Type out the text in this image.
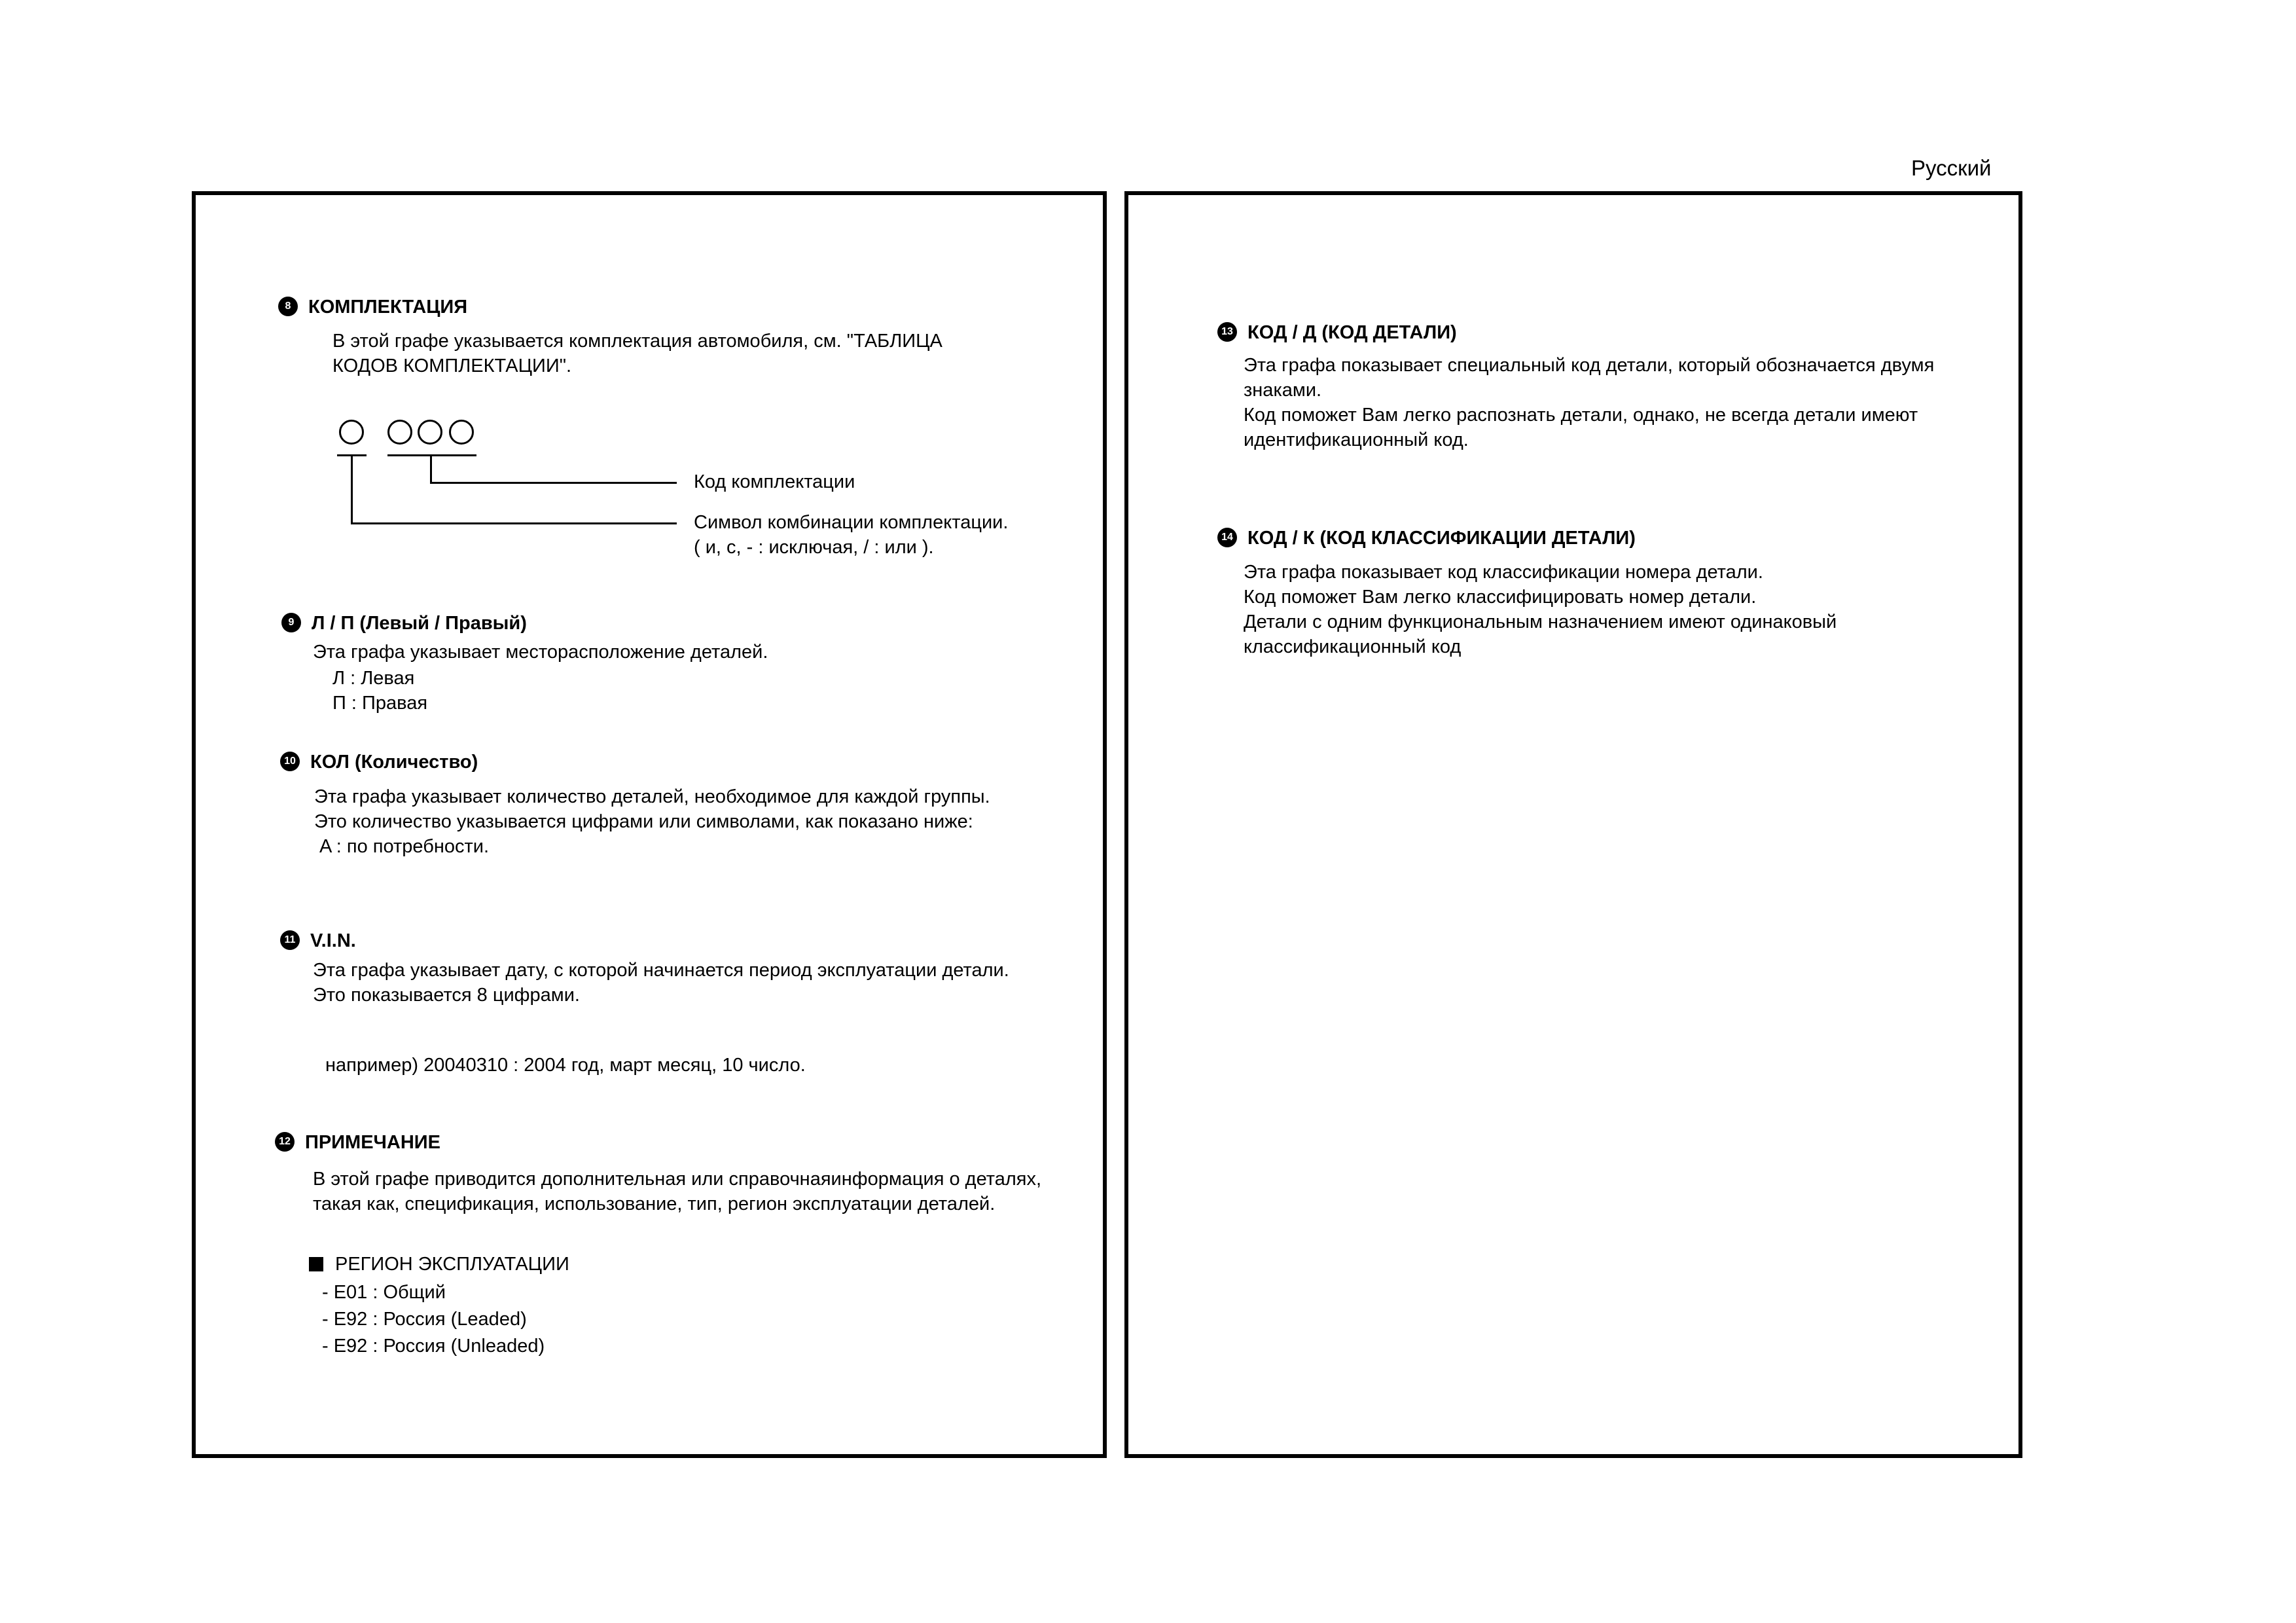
Русский
8 КОМПЛЕКТАЦИЯ
В этой графе указывается комплектация автомобиля, см. "ТАБЛИЦА
КОДОВ КОМПЛЕКТАЦИИ".
Код комплектации
Символ комбинации комплектации.
( и, с, - : исключая, / : или ).
9 Л / П (Левый / Правый)
Эта графа указывает месторасположение деталей.
Л : Левая
П : Правая
10 КОЛ (Количество)
Эта графа указывает количество деталей, необходимое для каждой группы.
Это количество указывается цифрами или символами, как показано ниже:
A : по потребности.
11 V.I.N.
Эта графа указывает дату, с которой начинается период эксплуатации детали.
Это показывается 8 цифрами.
например) 20040310 : 2004 год, март месяц, 10 число.
12 ПРИМЕЧАНИЕ
В этой графе приводится дополнительная или справочнаяинформация о деталях,
такая как, спецификация, использование, тип, регион эксплуатации деталей.
РЕГИОН ЭКСПЛУАТАЦИИ
- E01 : Общий
- E92 : Россия (Leaded)
- E92 : Россия (Unleaded)
13 КОД / Д (КОД ДЕТАЛИ)
Эта графа показывает специальный код детали, который обозначается двумя
знаками.
Код поможет Вам легко распознать детали, однако, не всегда детали имеют
идентификационный код.
14 КОД / К (КОД КЛАССИФИКАЦИИ ДЕТАЛИ)
Эта графа показывает код классификации номера детали.
Код поможет Вам легко классифицировать номер детали.
Детали с одним функциональным назначением имеют одинаковый
классификационный код
